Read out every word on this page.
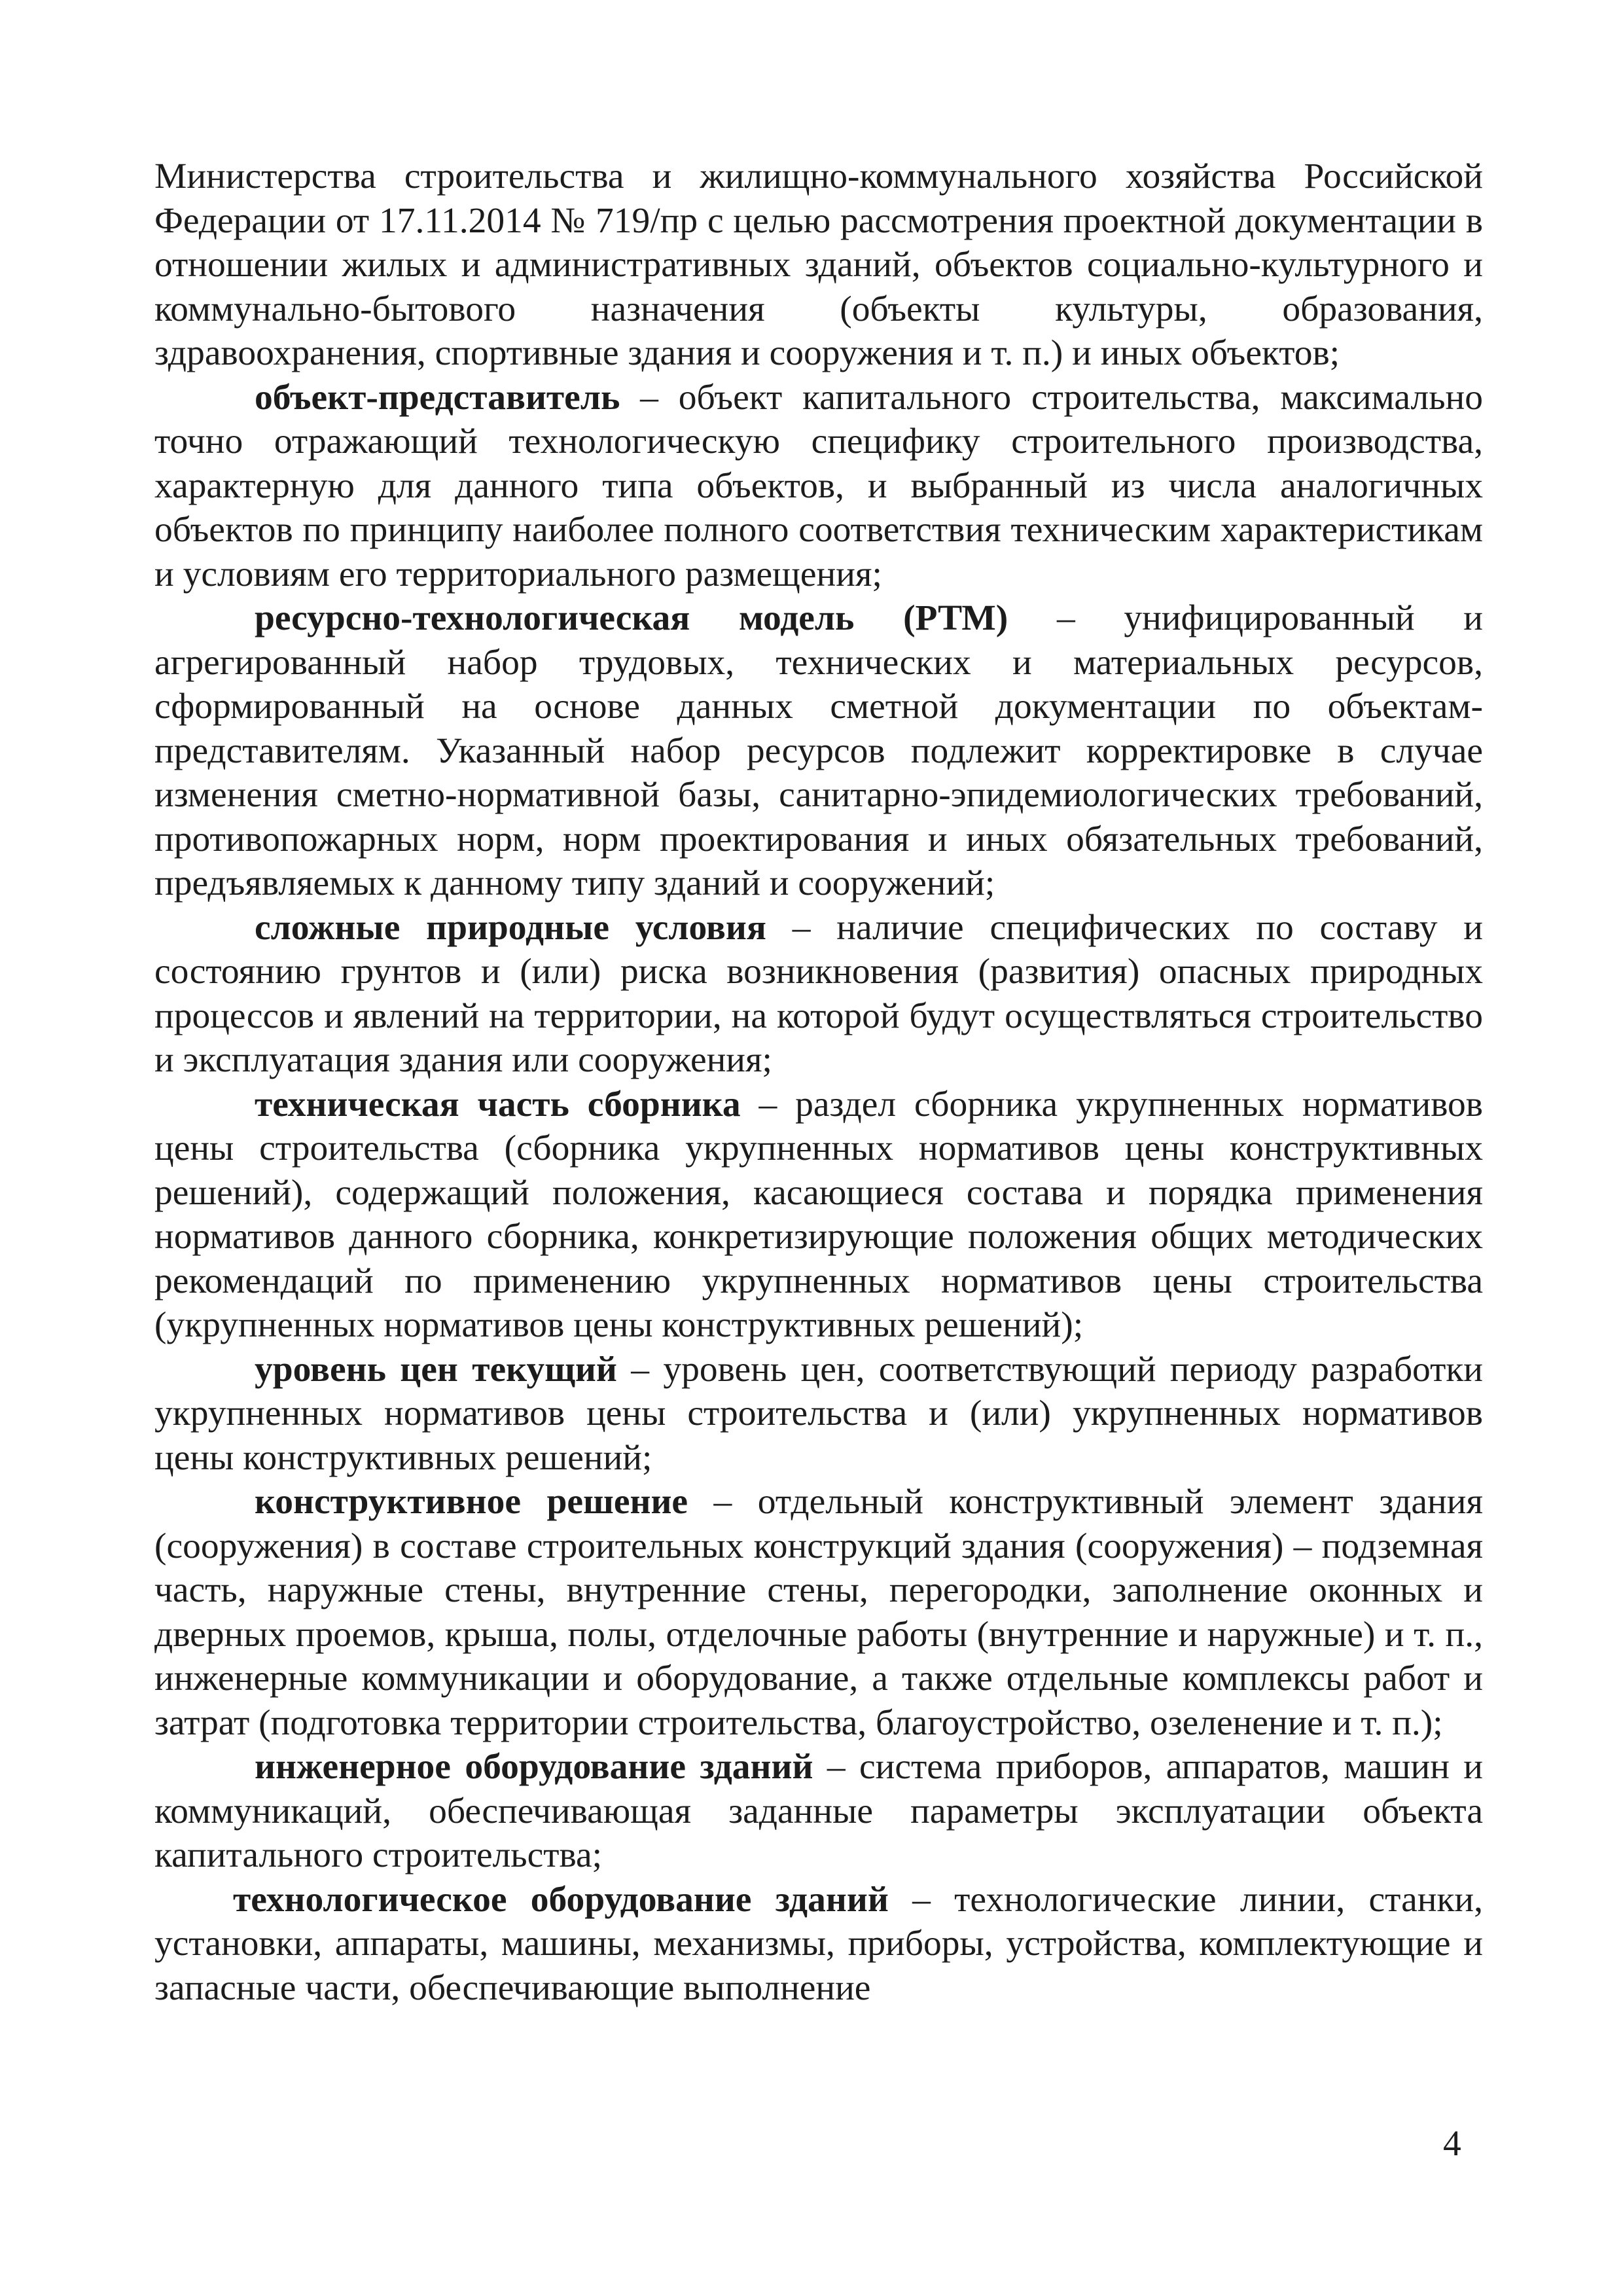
Министерства строительства и жилищно-коммунального хозяйства Российской Федерации от 17.11.2014 № 719/пр с целью рассмотрения проектной документации в отношении жилых и административных зданий, объектов социально-культурного и коммунально-бытового назначения (объекты культуры, образования, здравоохранения, спортивные здания и сооружения и т. п.) и иных объектов;

объект-представитель – объект капитального строительства, максимально точно отражающий технологическую специфику строительного производства, характерную для данного типа объектов, и выбранный из числа аналогичных объектов по принципу наиболее полного соответствия техническим характеристикам и условиям его территориального размещения;

ресурсно-технологическая модель (РТМ) – унифицированный и агрегированный набор трудовых, технических и материальных ресурсов, сформированный на основе данных сметной документации по объектам-представителям. Указанный набор ресурсов подлежит корректировке в случае изменения сметно-нормативной базы, санитарно-эпидемиологических требований, противопожарных норм, норм проектирования и иных обязательных требований, предъявляемых к данному типу зданий и сооружений;

сложные природные условия – наличие специфических по составу и состоянию грунтов и (или) риска возникновения (развития) опасных природных процессов и явлений на территории, на которой будут осуществляться строительство и эксплуатация здания или сооружения;

техническая часть сборника – раздел сборника укрупненных нормативов цены строительства (сборника укрупненных нормативов цены конструктивных решений), содержащий положения, касающиеся состава и порядка применения нормативов данного сборника, конкретизирующие положения общих методических рекомендаций по применению укрупненных нормативов цены строительства (укрупненных нормативов цены конструктивных решений);

уровень цен текущий – уровень цен, соответствующий периоду разработки укрупненных нормативов цены строительства и (или) укрупненных нормативов цены конструктивных решений;

конструктивное решение – отдельный конструктивный элемент здания (сооружения) в составе строительных конструкций здания (сооружения) – подземная часть, наружные стены, внутренние стены, перегородки, заполнение оконных и дверных проемов, крыша, полы, отделочные работы (внутренние и наружные) и т. п., инженерные коммуникации и оборудование, а также отдельные комплексы работ и затрат (подготовка территории строительства, благоустройство, озеленение и т. п.);

инженерное оборудование зданий – система приборов, аппаратов, машин и коммуникаций, обеспечивающая заданные параметры эксплуатации объекта капитального строительства;

технологическое оборудование зданий – технологические линии, станки, установки, аппараты, машины, механизмы, приборы, устройства, комплектующие и запасные части, обеспечивающие выполнение

4
